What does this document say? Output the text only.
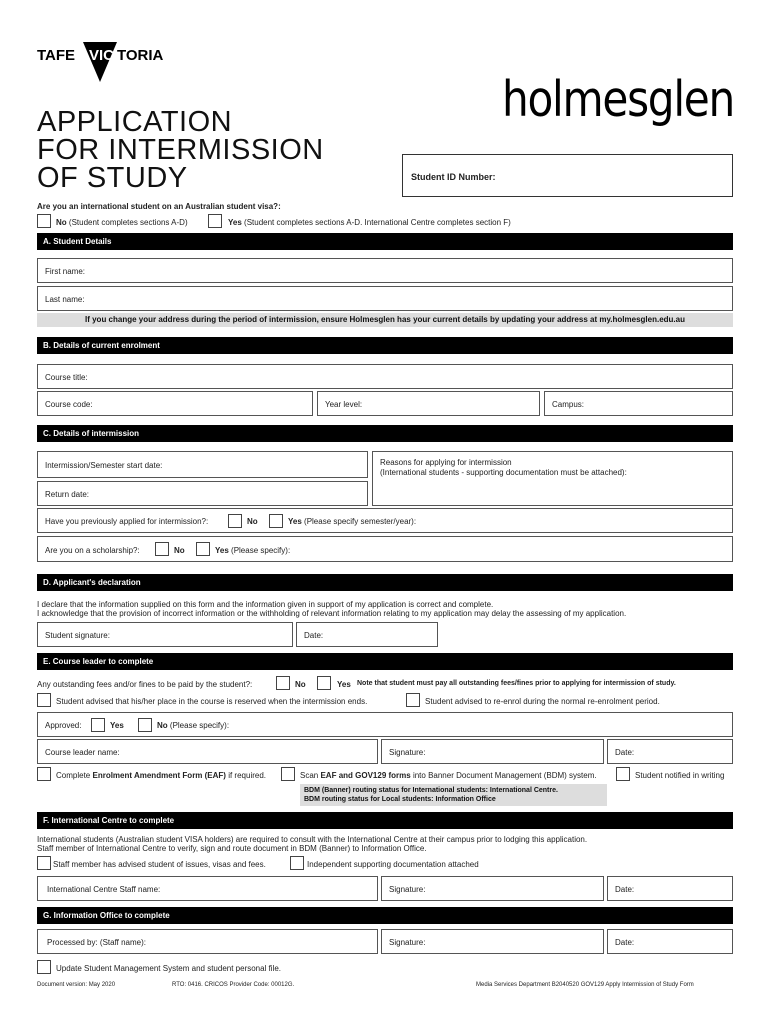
TAFE VIC TORIA
holmesglen
APPLICATION
FOR INTERMISSION
OF STUDY	Student ID Number:
Are you an international student on an Australian student visa?:
No (Student completes sections A-D)	Yes (Student completes sections A-D. International Centre completes section F)
A. Student Details
First name:
Last name:
If you change your address during the period of intermission, ensure Holmesglen has your current details by updating your address at my.holmesglen.edu.au
B. Details of current enrolment
Course title:
Course code:	Year level:	Campus:
C. Details of intermission
Intermission/Semester start date:	Reasons for applying for intermission
(International students - supporting documentation must be attached):
Return date:
Have you previously applied for intermission?:	No	Yes (Please specify semester/year):
Are you on a scholarship?:	No	Yes (Please specify):
D. Applicant's declaration
I declare that the information supplied on this form and the information given in support of my application is correct and complete.
I acknowledge that the provision of incorrect information or the withholding of relevant information relating to my application may delay the assessing of my application.
Student signature:	Date:
E. Course leader to complete
Any outstanding fees and/or fines to be paid by the student?:	No	Yes Note that student must pay all outstanding fees/fines prior to applying for intermission of study.
Student advised that his/her place in the course is reserved when the intermission ends.	Student advised to re-enrol during the normal re-enrolment period.
Approved:	Yes	No (Please specify):
Course leader name:	Signature:	Date:
Complete Enrolment Amendment Form (EAF) if required.	Scan EAF and GOV129 forms into Banner Document Management (BDM) system.	Student notified in writing
BDM (Banner) routing status for International students: International Centre.
BDM routing status for Local students: Information Office
F. International Centre to complete
International students (Australian student VISA holders) are required to consult with the International Centre at their campus prior to lodging this application.
Staff member of International Centre to verify, sign and route document in BDM (Banner) to Information Office.
Staff member has advised student of issues, visas and fees.	Independent supporting documentation attached
International Centre Staff name:	Signature:	Date:
G. Information Office to complete
Processed by: (Staff name):	Signature:	Date:
Update Student Management System and student personal file.
Document version: May 2020	RTO: 0416. CRICOS Provider Code: 00012G.	Media Services Department B2040520 GOV129 Apply Intermission of Study Form
